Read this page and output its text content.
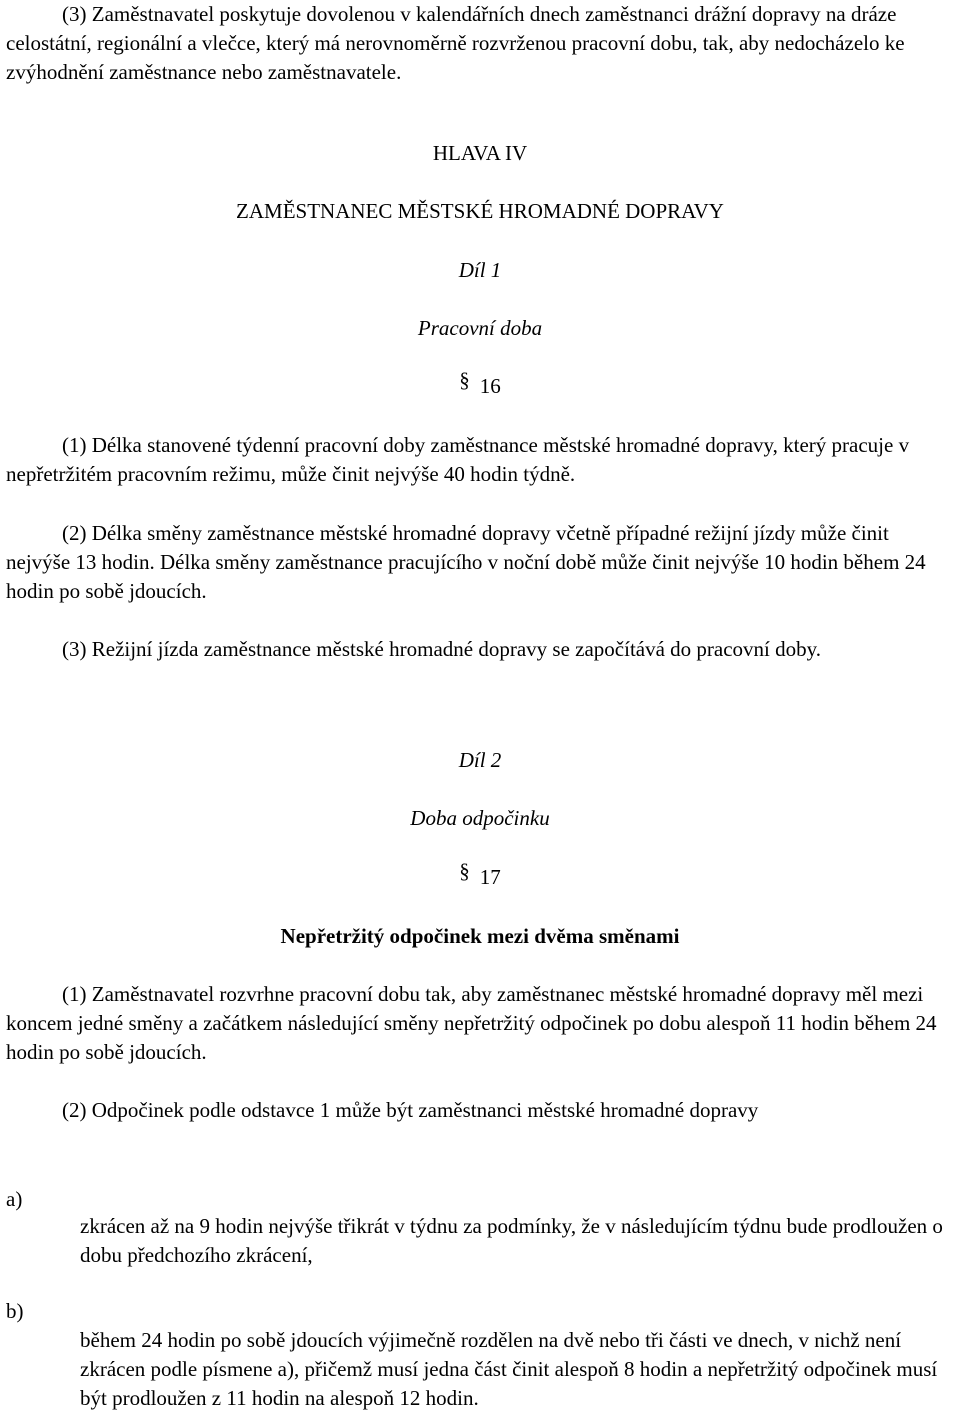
(3) Zaměstnavatel poskytuje dovolenou v kalendářních dnech zaměstnanci drážní dopravy na dráze celostátní, regionální a vlečce, který má nerovnoměrně rozvrženou pracovní dobu, tak, aby nedocházelo ke zvýhodnění zaměstnance nebo zaměstnavatele.

HLAVA IV

ZAMĚSTNANEC MĚSTSKÉ HROMADNÉ DOPRAVY

Díl 1

Pracovní doba

§ 16

(1) Délka stanovené týdenní pracovní doby zaměstnance městské hromadné dopravy, který pracuje v nepřetržitém pracovním režimu, může činit nejvýše 40 hodin týdně.

(2) Délka směny zaměstnance městské hromadné dopravy včetně případné režijní jízdy může činit nejvýše 13 hodin. Délka směny zaměstnance pracujícího v noční době může činit nejvýše 10 hodin během 24 hodin po sobě jdoucích.

(3) Režijní jízda zaměstnance městské hromadné dopravy se započítává do pracovní doby.

Díl 2

Doba odpočinku

§ 17

Nepřetržitý odpočinek mezi dvěma směnami

(1) Zaměstnavatel rozvrhne pracovní dobu tak, aby zaměstnanec městské hromadné dopravy měl mezi koncem jedné směny a začátkem následující směny nepřetržitý odpočinek po dobu alespoň 11 hodin během 24 hodin po sobě jdoucích.

(2) Odpočinek podle odstavce 1 může být zaměstnanci městské hromadné dopravy

a)

zkrácen až na 9 hodin nejvýše třikrát v týdnu za podmínky, že v následujícím týdnu bude prodloužen o dobu předchozího zkrácení,

b)

během 24 hodin po sobě jdoucích výjimečně rozdělen na dvě nebo tři části ve dnech, v nichž není zkrácen podle písmene a), přičemž musí jedna část činit alespoň 8 hodin a nepřetržitý odpočinek musí být prodloužen z 11 hodin na alespoň 12 hodin.
